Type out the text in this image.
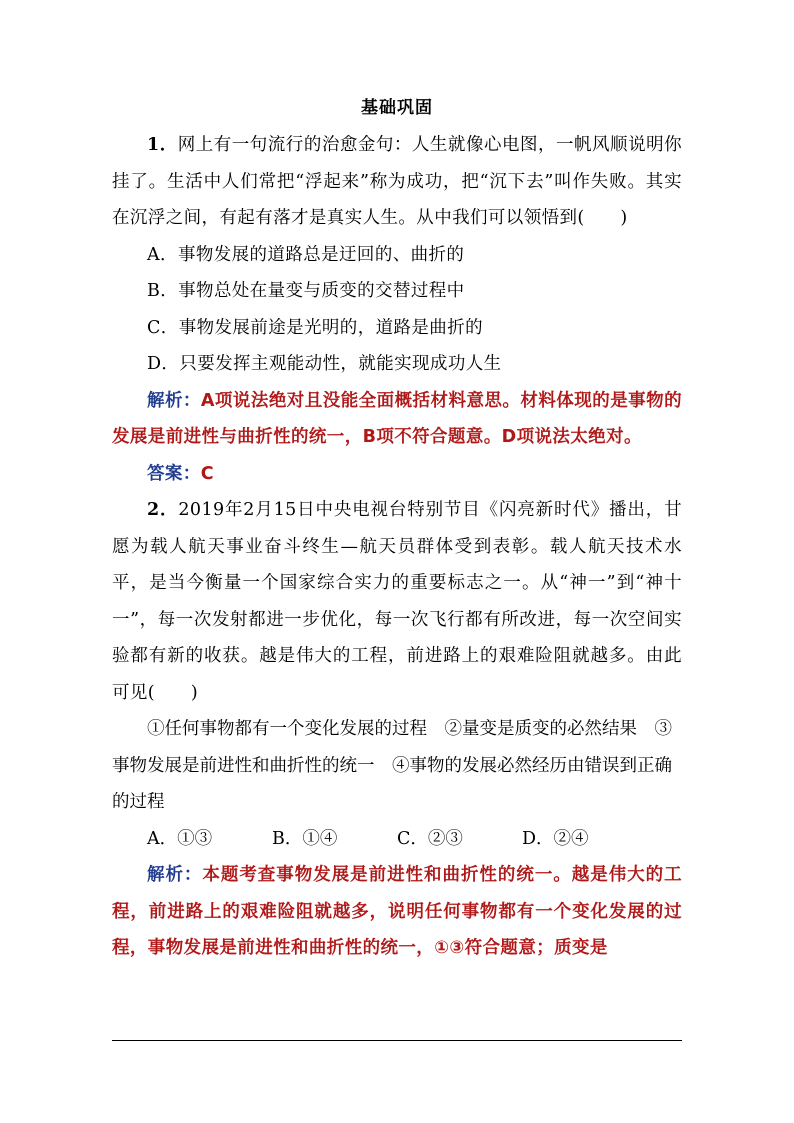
基础巩固
1．网上有一句流行的治愈金句：人生就像心电图，一帆风顺说明你挂了。生活中人们常把“浮起来”称为成功，把“沉下去”叫作失败。其实在沉浮之间，有起有落才是真实人生。从中我们可以领悟到(　　)
A．事物发展的道路总是迂回的、曲折的
B．事物总处在量变与质变的交替过程中
C．事物发展前途是光明的，道路是曲折的
D．只要发挥主观能动性，就能实现成功人生
解析：A项说法绝对且没能全面概括材料意思。材料体现的是事物的发展是前进性与曲折性的统一，B项不符合题意。D项说法太绝对。
答案：C
2．2019年2月15日中央电视台特别节目《闪亮新时代》播出，甘愿为载人航天事业奋斗终生—航天员群体受到表彰。载人航天技术水平，是当今衡量一个国家综合实力的重要标志之一。从“神一”到“神十一”，每一次发射都进一步优化，每一次飞行都有所改进，每一次空间实验都有新的收获。越是伟大的工程，前进路上的艰难险阻就越多。由此可见(　　)
①任何事物都有一个变化发展的过程　②量变是质变的必然结果　③事物发展是前进性和曲折性的统一　④事物的发展必然经历由错误到正确的过程
A．①③	B．①④	C．②③	D．②④
解析：本题考查事物发展是前进性和曲折性的统一。越是伟大的工程，前进路上的艰难险阻就越多，说明任何事物都有一个变化发展的过程，事物发展是前进性和曲折性的统一，①③符合题意；质变是
